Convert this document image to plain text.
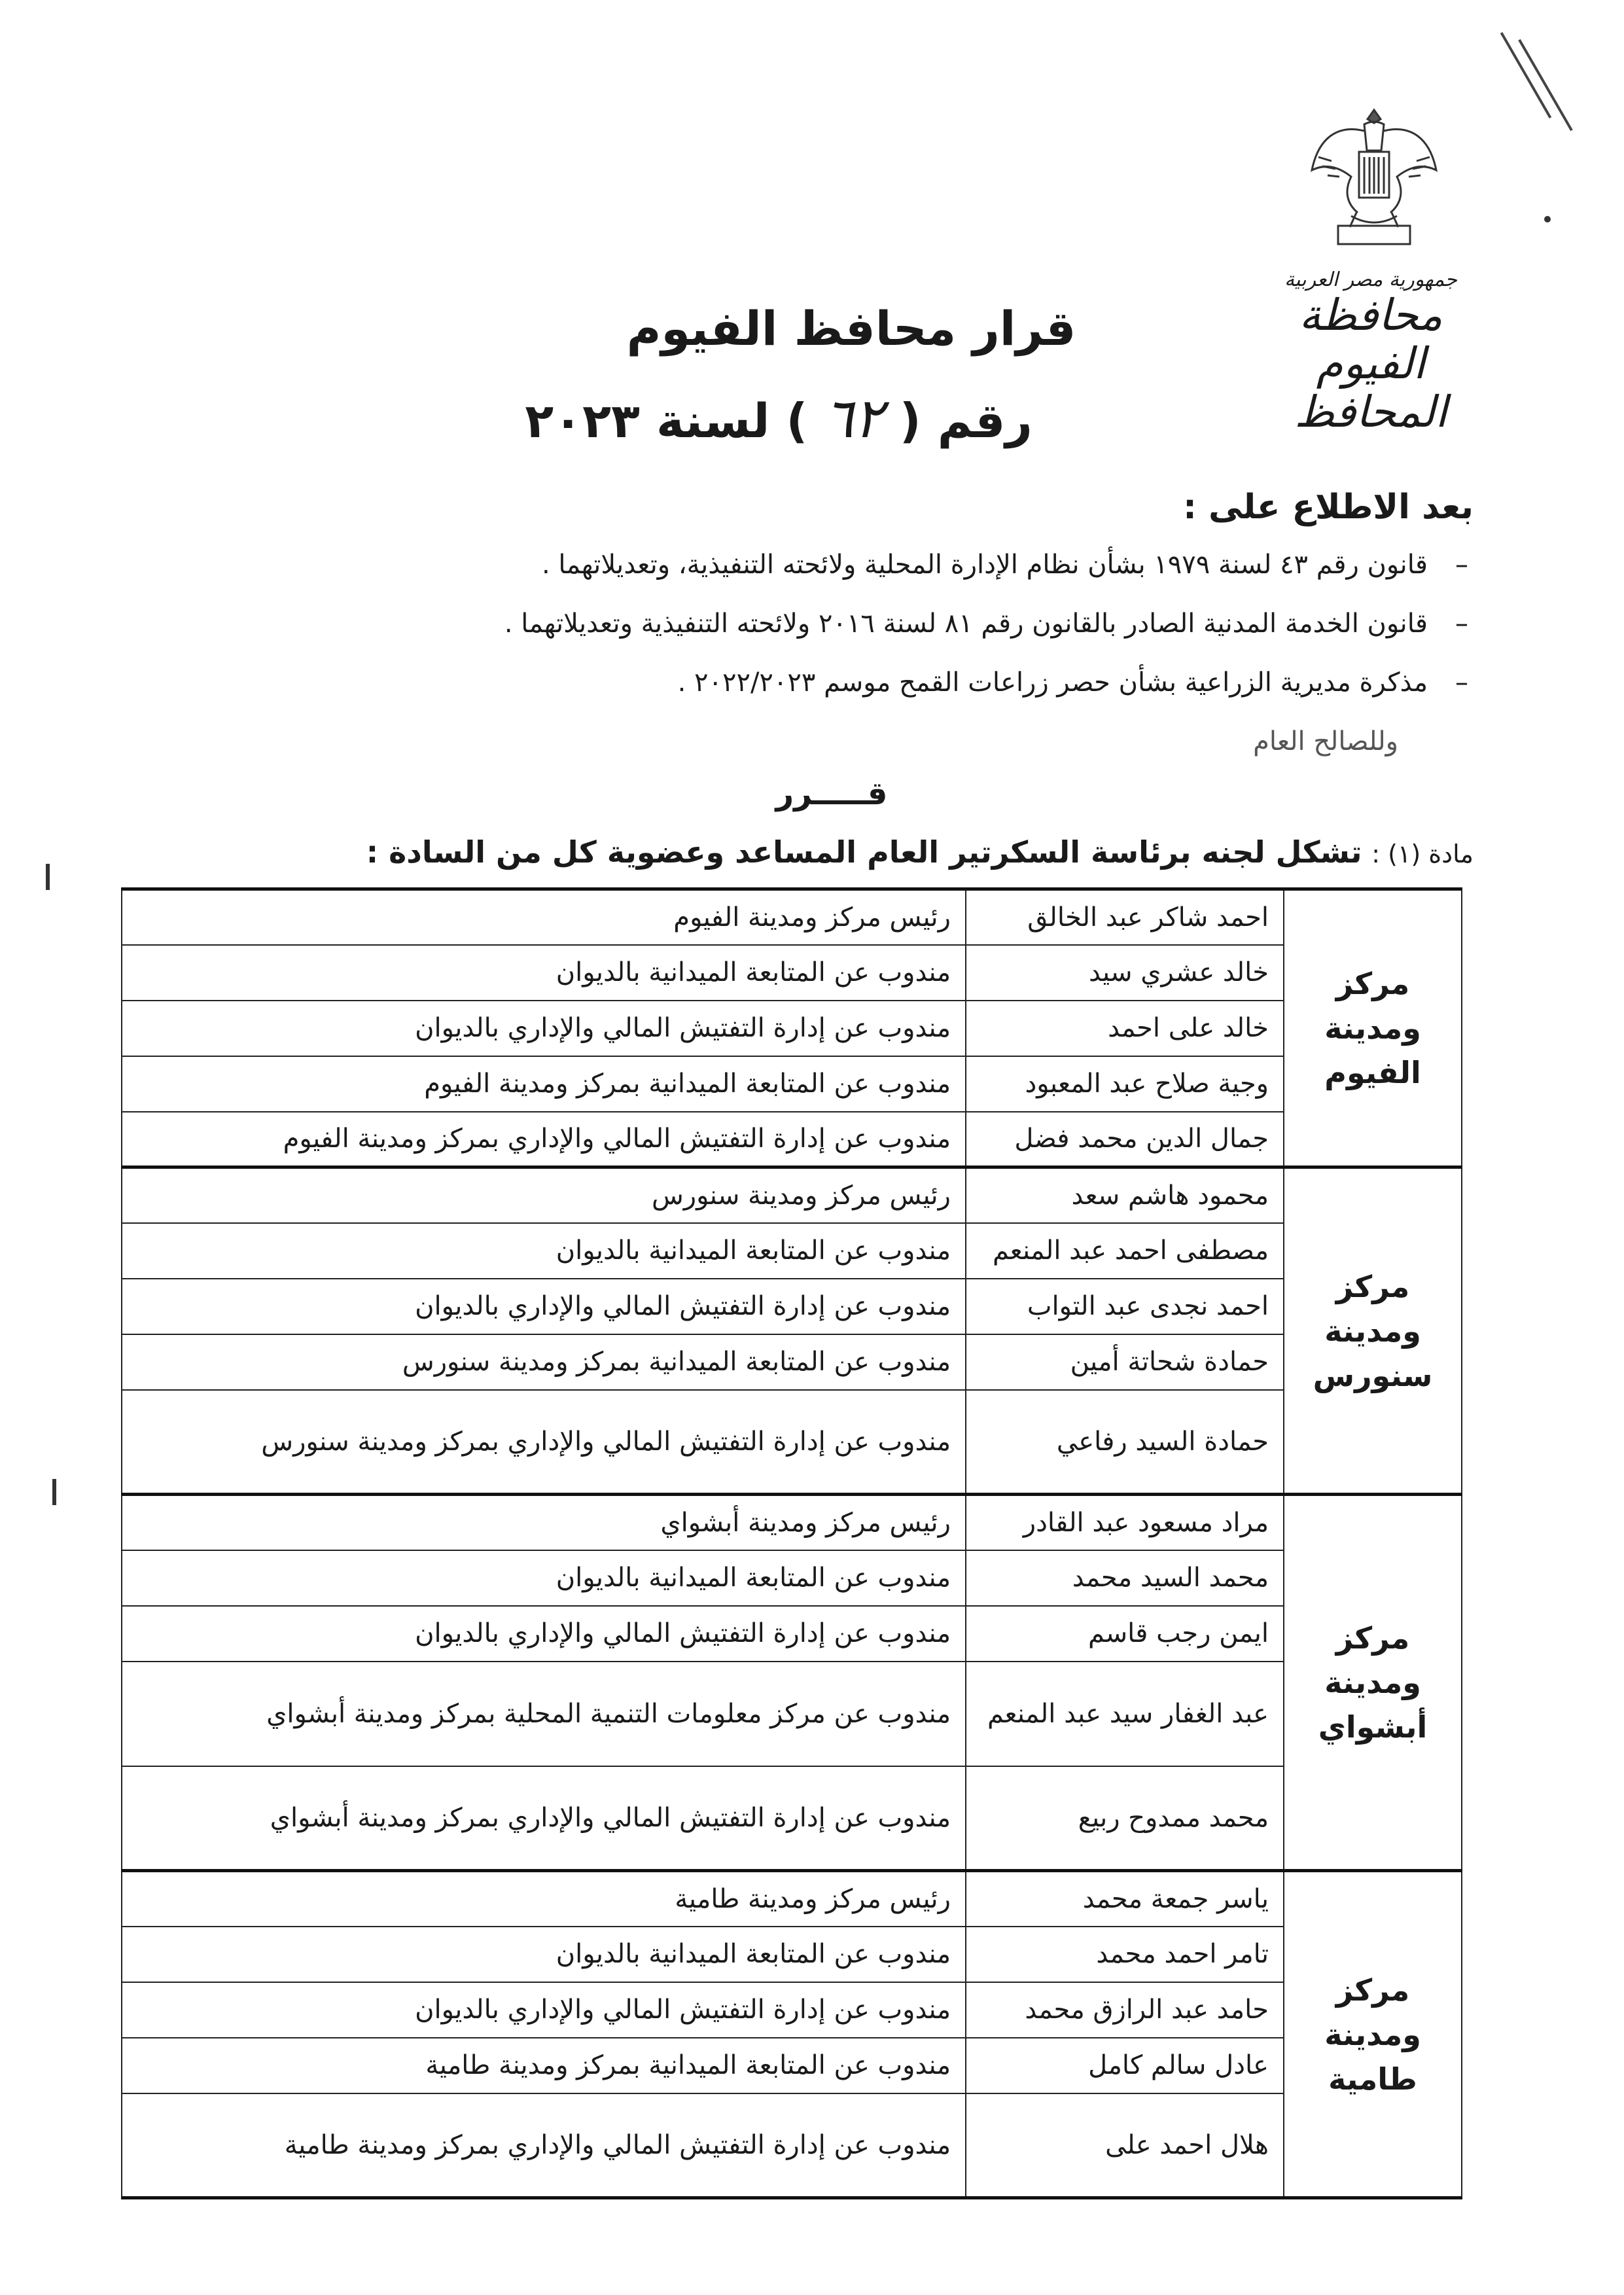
جمهورية مصر العربية
محافظة الفيوم
المحافظ
قرار محافظ الفيوم
رقم ( ٦٢ ) لسنة ٢٠٢٣
بعد الاطلاع على :
–
قانون رقم ٤٣ لسنة ١٩٧٩ بشأن نظام الإدارة المحلية ولائحته التنفيذية، وتعديلاتهما .
–
قانون الخدمة المدنية الصادر بالقانون رقم ٨١ لسنة ٢٠١٦ ولائحته التنفيذية وتعديلاتهما .
–
مذكرة مديرية الزراعية بشأن حصر زراعات القمح موسم ٢٠٢٢/٢٠٢٣ .
وللصالح العام
قـــــرر
مادة (١) : تشكل لجنه برئاسة السكرتير العام المساعد وعضوية كل من السادة :
مركز ومدينة الفيوم	احمد شاكر عبد الخالق	رئيس مركز ومدينة الفيوم
	خالد عشري سيد	مندوب عن المتابعة الميدانية بالديوان
	خالد على احمد	مندوب عن إدارة التفتيش المالي والإداري بالديوان
	وجية صلاح عبد المعبود	مندوب عن المتابعة الميدانية بمركز ومدينة الفيوم
	جمال الدين محمد فضل	مندوب عن إدارة التفتيش المالي والإداري بمركز ومدينة الفيوم
مركز ومدينة سنورس	محمود هاشم سعد	رئيس مركز ومدينة سنورس
	مصطفى احمد عبد المنعم	مندوب عن المتابعة الميدانية بالديوان
	احمد نجدى عبد التواب	مندوب عن إدارة التفتيش المالي والإداري بالديوان
	حمادة شحاتة أمين	مندوب عن المتابعة الميدانية بمركز ومدينة سنورس
	حمادة السيد رفاعي	مندوب عن إدارة التفتيش المالي والإداري بمركز ومدينة سنورس
مركز ومدينة أبشواي	مراد مسعود عبد القادر	رئيس مركز ومدينة أبشواي
	محمد السيد محمد	مندوب عن المتابعة الميدانية بالديوان
	ايمن رجب قاسم	مندوب عن إدارة التفتيش المالي والإداري بالديوان
	عبد الغفار سيد عبد المنعم	مندوب عن مركز معلومات التنمية المحلية بمركز ومدينة أبشواي
	محمد ممدوح ربيع	مندوب عن إدارة التفتيش المالي والإداري بمركز ومدينة أبشواي
مركز ومدينة طامية	ياسر جمعة محمد	رئيس مركز ومدينة طامية
	تامر احمد محمد	مندوب عن المتابعة الميدانية بالديوان
	حامد عبد الرازق محمد	مندوب عن إدارة التفتيش المالي والإداري بالديوان
	عادل سالم كامل	مندوب عن المتابعة الميدانية بمركز ومدينة طامية
	هلال احمد على	مندوب عن إدارة التفتيش المالي والإداري بمركز ومدينة طامية
